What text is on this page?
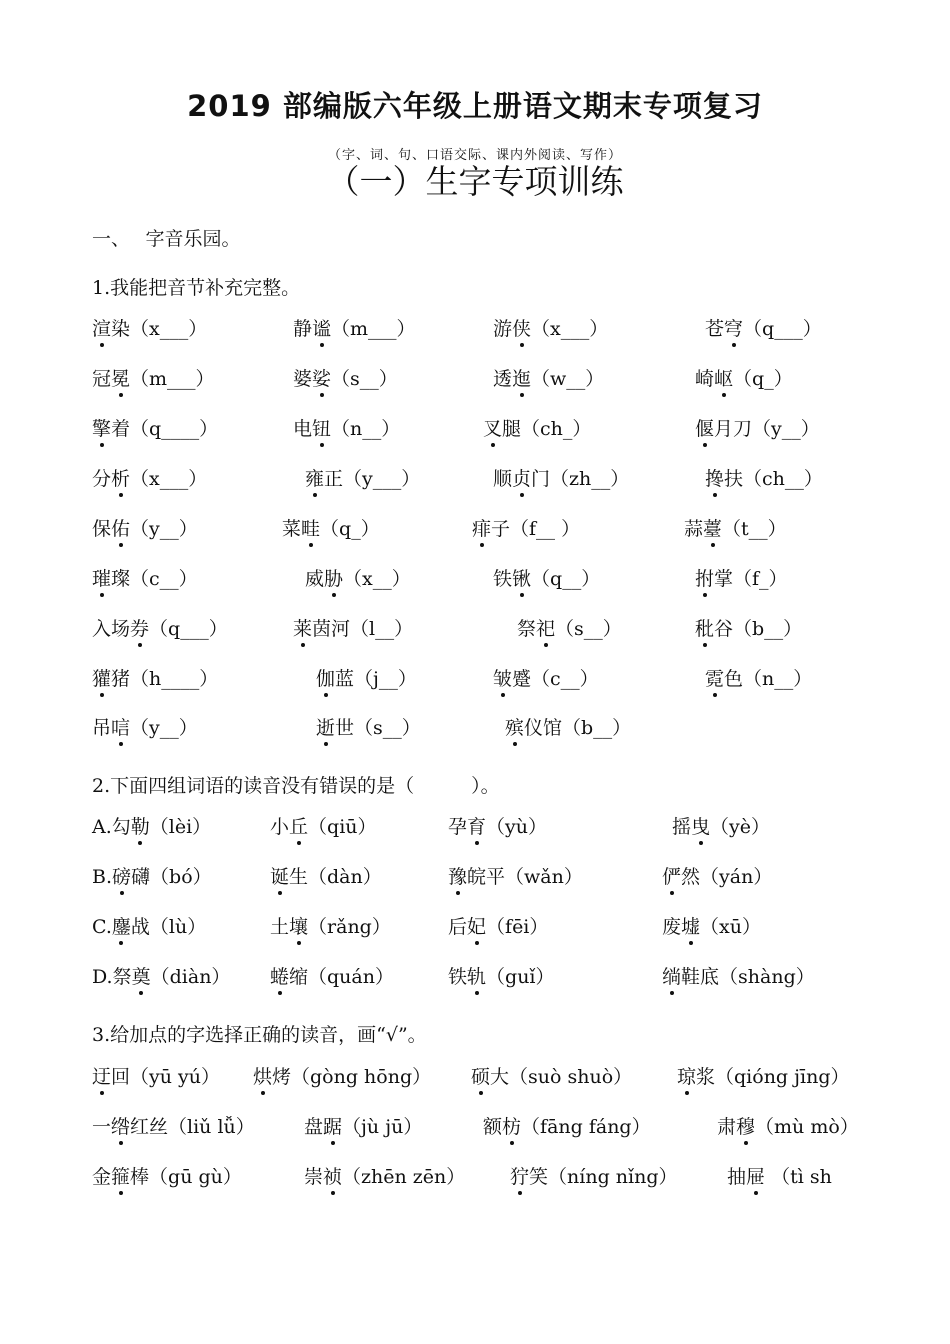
2019 部编版六年级上册语文期末专项复习
（字、词、句、口语交际、课内外阅读、写作）
（一）生字专项训练
一、　 字音乐园。
1.我能把音节补充完整。
渲染（x___）	静谧（m___）	游侠（x___）	苍穹（q___）
冠冕（m___）	婆娑（s__）	透迤（w__）	崎岖（q_）
擎着（q____）	电钮（n__）	叉腿（ch_）	偃月刀（y__）
分析（x___）	雍正（y___）	顺贞门（zh__）	搀扶（ch__）
保佑（y__）	菜畦（q_）	痱子（f__ ）	蒜薹（t__）
璀璨（c__）	威胁（x__）	铁锹（q__）	拊掌（f_）
入场券（q___）	莱茵河（l__）	祭祀（s__）	秕谷（b__）
獾猪（h____）	伽蓝（j__）	皱蹙（c__）	霓色（n__）
吊唁（y__）	逝世（s__）	殡仪馆（b__）
2.下面四组词语的读音没有错误的是（　　　）。
A.勾勒（lèi）	小丘（qiū）	孕育（yù）	摇曳（yè）
B.磅礴（bó）	诞生（dàn）	豫皖平（wǎn）	俨然（yán）
C.鏖战（lù）	土壤（rǎng）	后妃（fēi）	废墟（xū）
D.祭奠（diàn） 蜷缩（quán）	铁轨（guǐ）	绱鞋底（shàng）
3.给加点的字选择正确的读音，画“√”。
迂回（yū yú） 烘烤（gòng hōng） 硕大（suò shuò） 琼浆（qióng jīng）
一绺红丝（liǔ lǚ）	盘踞（jù jū）	额枋（fāng fáng）	肃穆（mù mò）
金箍棒（gū gù）	崇祯（zhēn zēn） 狞笑（níng nǐng）	抽屉 （tì sh
